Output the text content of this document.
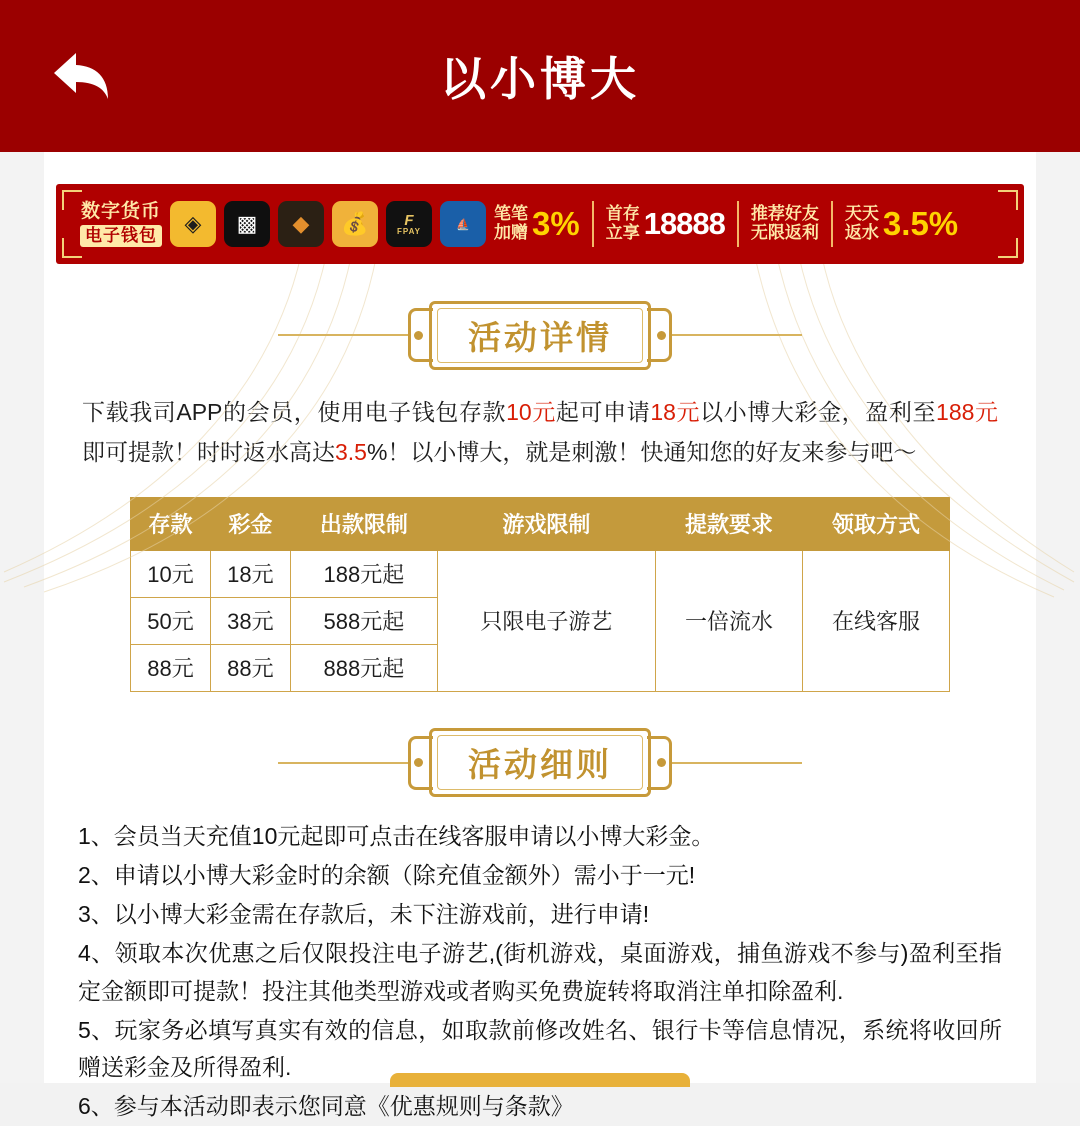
以小博大
数字货币
电子钱包	◈	▩	◆	💰	F
FPAY
⛵
笔笔
加赠 3% 首存
立享 18888 推荐好友
无限返利
天天
返水 3.5%
活动详情

下载我司APP的会员，使用电子钱包存款10元起可申请18元以小博大彩金，盈利至188元即可提款！时时返水高达3.5%！以小博大，就是刺激！快通知您的好友来参与吧～

存款	彩金	出款限制	游戏限制	提款要求	领取方式
10元	18元	188元起	只限电子游艺	一倍流水	在线客服
50元	38元	588元起			
88元	88元	888元起			
活动细则
1、会员当天充值10元起即可点击在线客服申请以小博大彩金。
2、申请以小博大彩金时的余额（除充值金额外）需小于一元!
3、以小博大彩金需在存款后，未下注游戏前，进行申请!
4、领取本次优惠之后仅限投注电子游艺,(街机游戏，桌面游戏，捕鱼游戏不参与)盈利至指定金额即可提款！投注其他类型游戏或者购买免费旋转将取消注单扣除盈利.
5、玩家务必填写真实有效的信息，如取款前修改姓名、银行卡等信息情况，系统将收回所赠送彩金及所得盈利.
6、参与本活动即表示您同意《优惠规则与条款》
